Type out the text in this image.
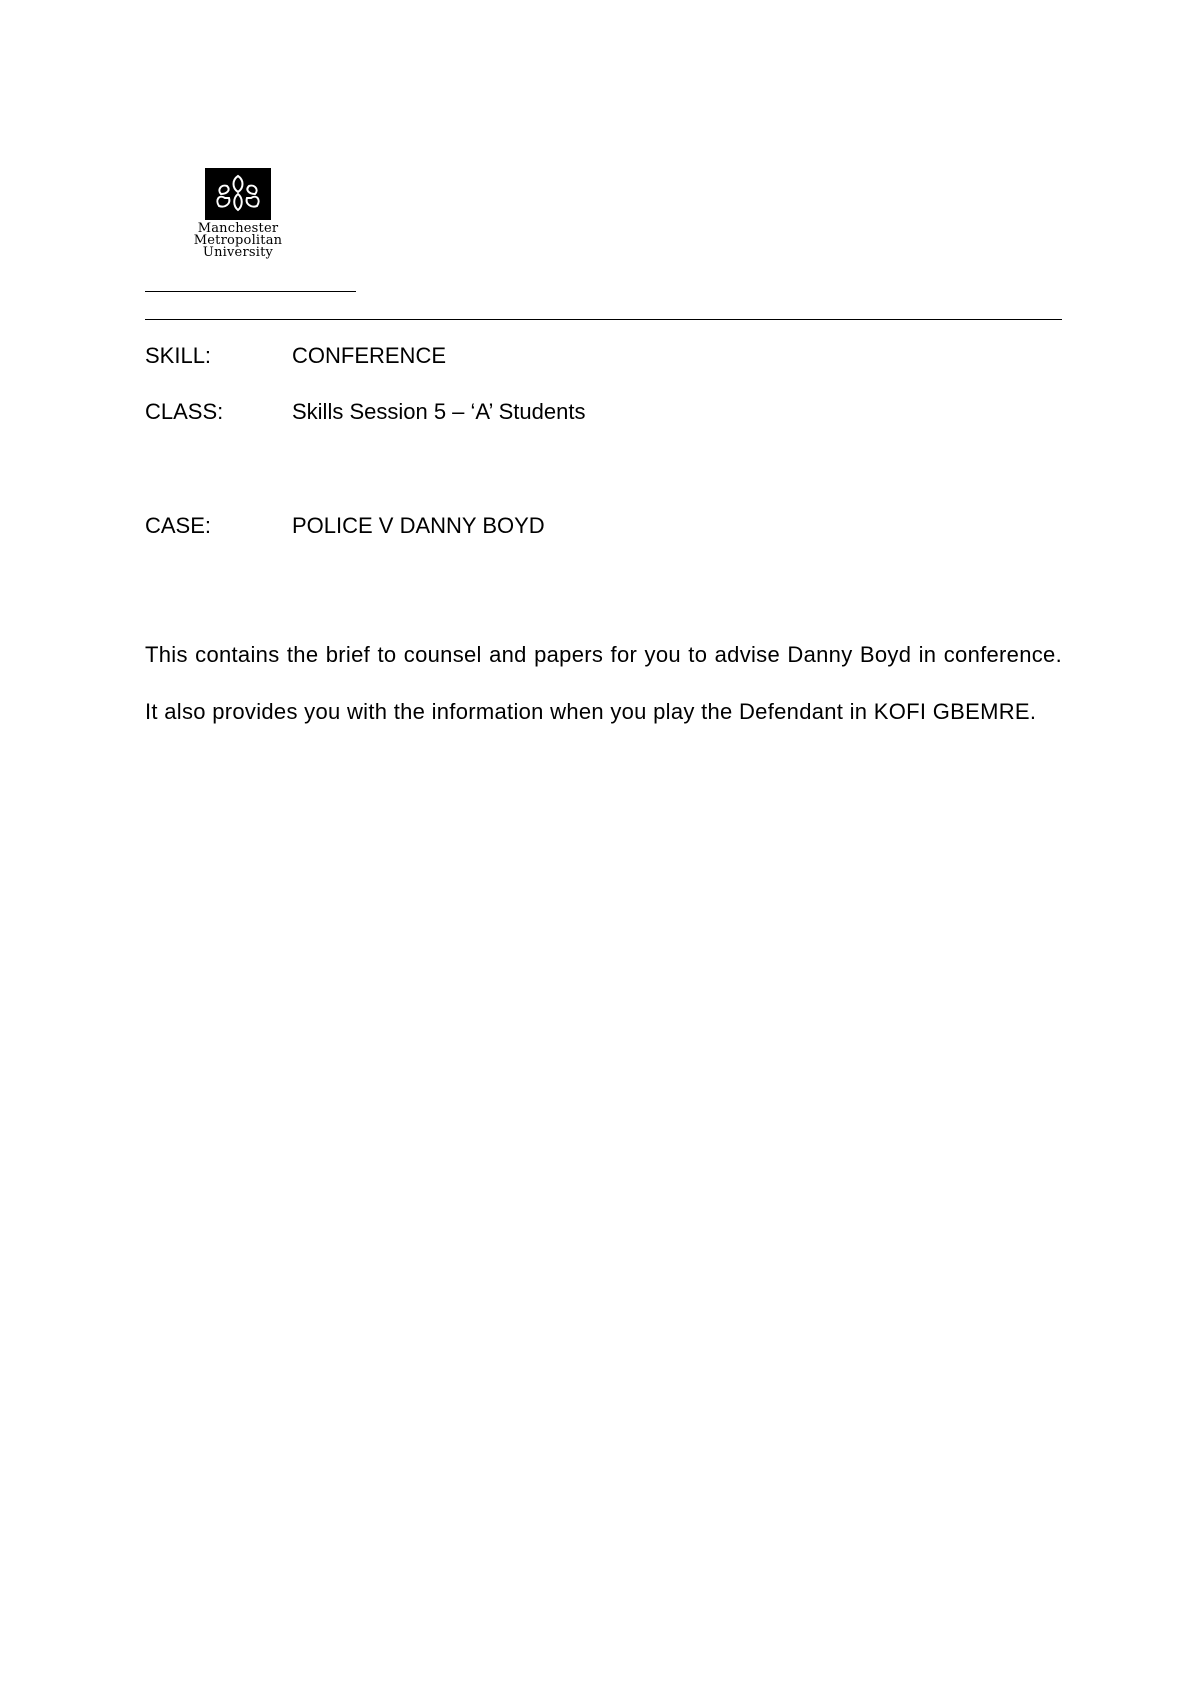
Manchester
Metropolitan
University
SKILL:	CONFERENCE
CLASS:	Skills Session 5 – ‘A’ Students
CASE:	POLICE V DANNY BOYD
This contains the brief to counsel and papers for you to advise Danny Boyd in conference. It also provides you with the information when you play the Defendant in KOFI GBEMRE.
